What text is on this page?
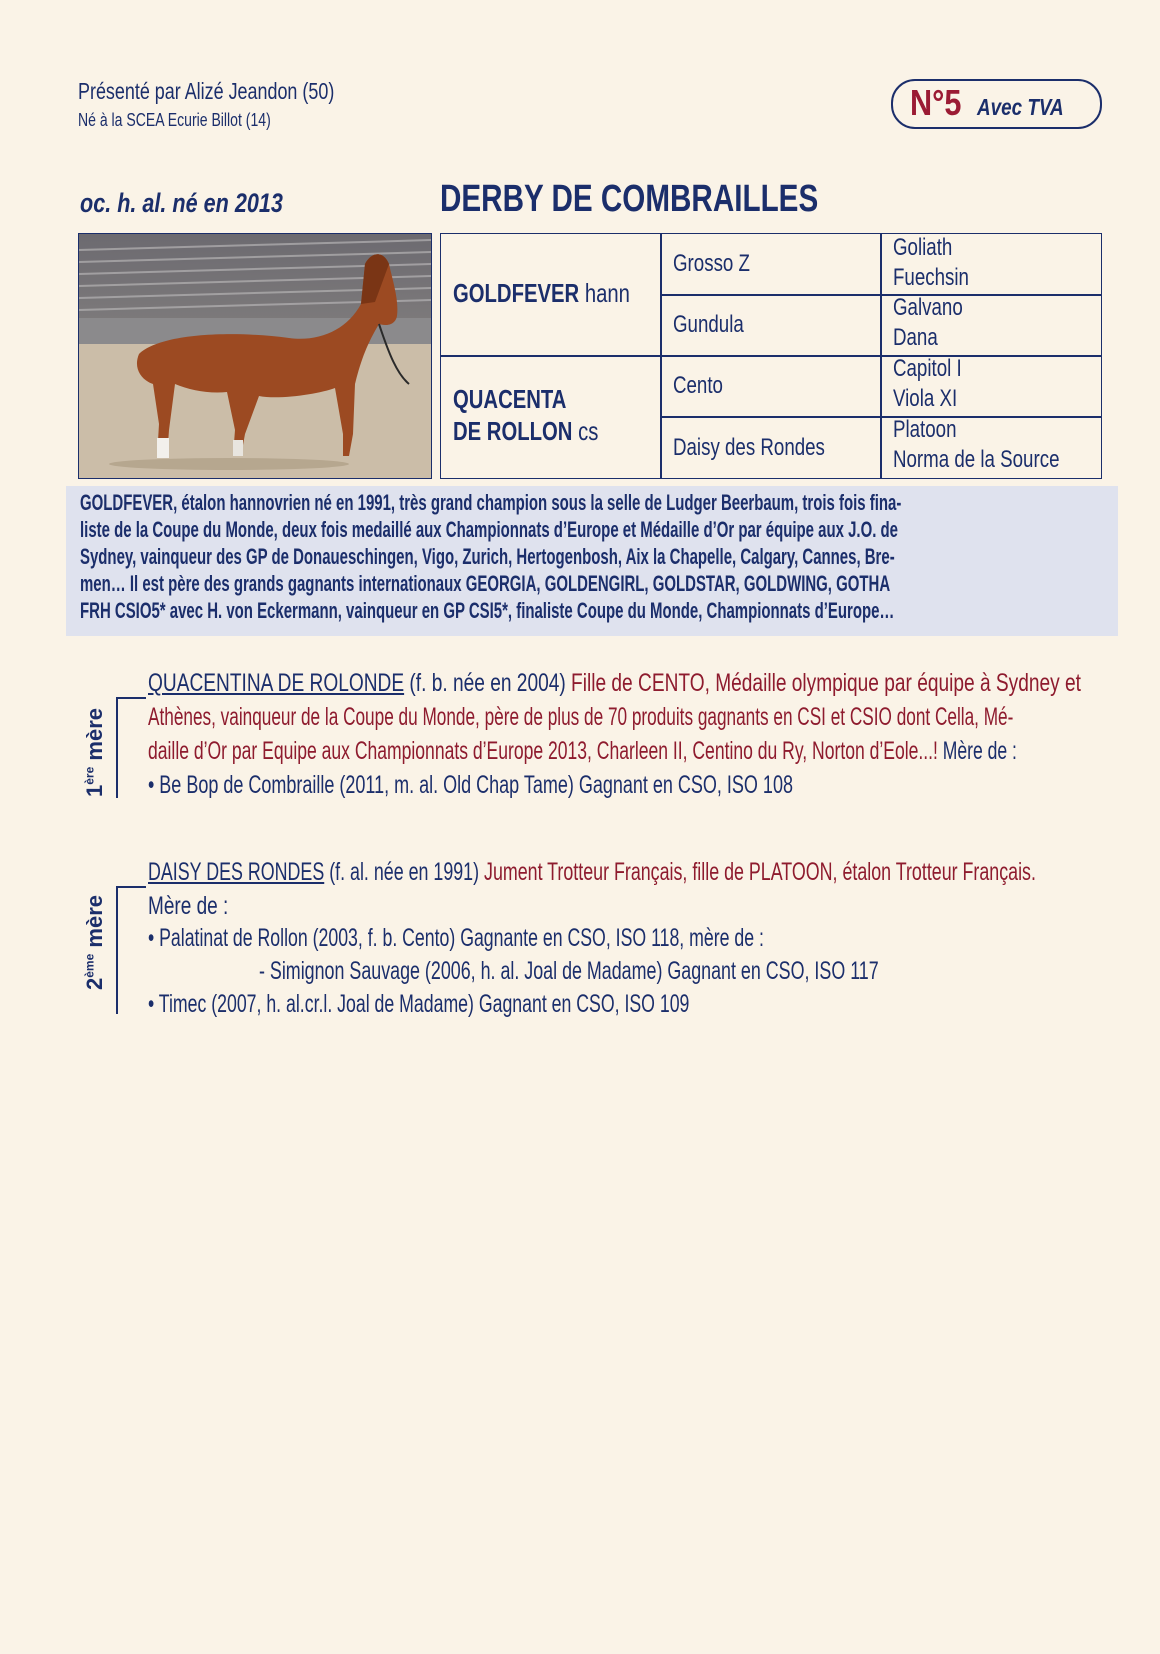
Présenté par Alizé Jeandon (50)
Né à la SCEA Ecurie Billot (14)	N°5 Avec TVA
oc. h. al. né en 2013	DERBY DE COMBRAILLES
GOLDFEVER hann
QUACENTA
DE ROLLON cs
Grosso Z
Gundula
Cento
Daisy des Rondes
Goliath
Fuechsin
Galvano
Dana
Capitol I
Viola XI
Platoon
Norma de la Source
GOLDFEVER, étalon hannovrien né en 1991, très grand champion sous la selle de Ludger Beerbaum, trois fois fina-
liste de la Coupe du Monde, deux fois medaillé aux Championnats d’Europe et Médaille d’Or par équipe aux J.O. de
Sydney, vainqueur des GP de Donaueschingen, Vigo, Zurich, Hertogenbosh, Aix la Chapelle, Calgary, Cannes, Bre-
men… Il est père des grands gagnants internationaux GEORGIA, GOLDENGIRL, GOLDSTAR, GOLDWING, GOTHA
FRH CSIO5* avec H. von Eckermann, vainqueur en GP CSI5*, finaliste Coupe du Monde, Championnats d’Europe…
1ère mère
QUACENTINA DE ROLONDE (f. b. née en 2004) Fille de CENTO, Médaille olympique par équipe à Sydney et
Athènes, vainqueur de la Coupe du Monde, père de plus de 70 produits gagnants en CSI et CSIO dont Cella, Mé-
daille d’Or par Equipe aux Championnats d’Europe 2013, Charleen II, Centino du Ry, Norton d’Eole...! Mère de :
• Be Bop de Combraille (2011, m. al. Old Chap Tame) Gagnant en CSO, ISO 108
2ème mère
DAISY DES RONDES (f. al. née en 1991) Jument Trotteur Français, fille de PLATOON, étalon Trotteur Français.
Mère de :
• Palatinat de Rollon (2003, f. b. Cento) Gagnante en CSO, ISO 118, mère de :
- Simignon Sauvage (2006, h. al. Joal de Madame) Gagnant en CSO, ISO 117
• Timec (2007, h. al.cr.l. Joal de Madame) Gagnant en CSO, ISO 109
